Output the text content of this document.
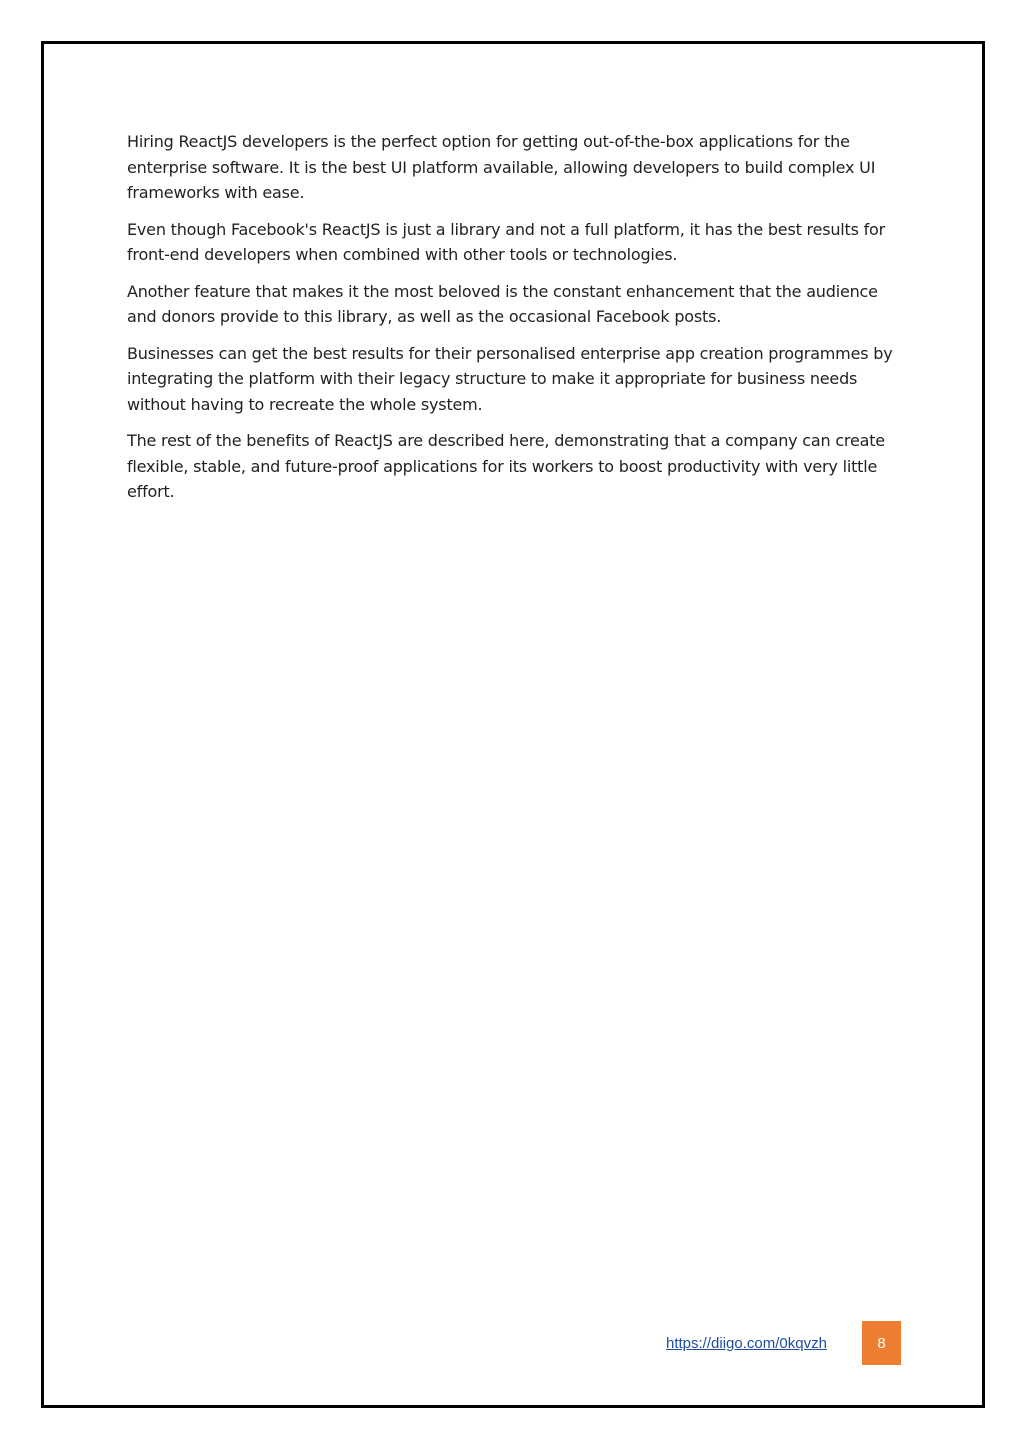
Hiring ReactJS developers is the perfect option for getting out-of-the-box applications for the enterprise software. It is the best UI platform available, allowing developers to build complex UI frameworks with ease.

Even though Facebook's ReactJS is just a library and not a full platform, it has the best results for front-end developers when combined with other tools or technologies.

Another feature that makes it the most beloved is the constant enhancement that the audience and donors provide to this library, as well as the occasional Facebook posts.

Businesses can get the best results for their personalised enterprise app creation programmes by integrating the platform with their legacy structure to make it appropriate for business needs without having to recreate the whole system.

The rest of the benefits of ReactJS are described here, demonstrating that a company can create flexible, stable, and future-proof applications for its workers to boost productivity with very little effort.

https://diigo.com/0kqvzh	8
